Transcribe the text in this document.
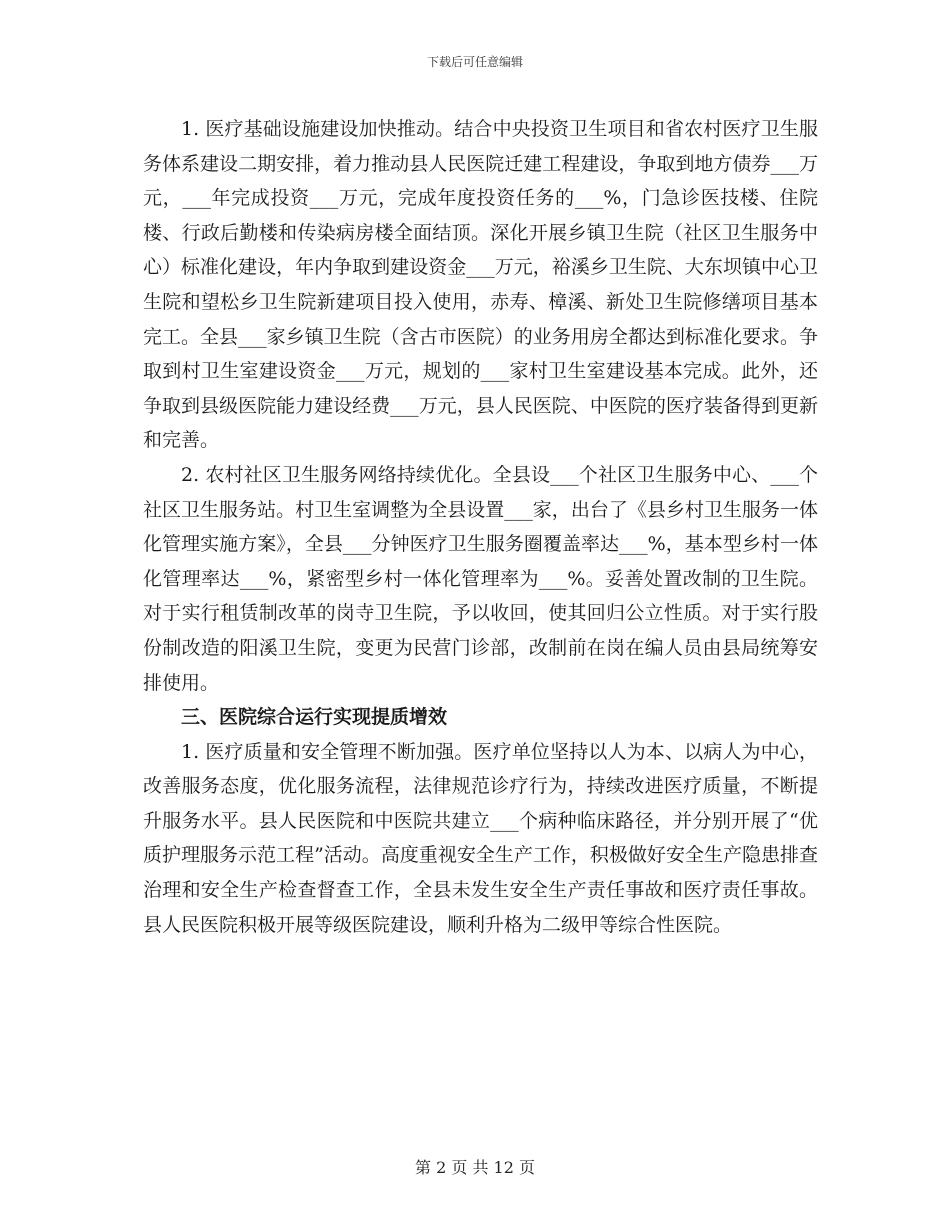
下载后可任意编辑

1. 医疗基础设施建设加快推动。结合中央投资卫生项目和省农村医疗卫生服务体系建设二期安排，着力推动县人民医院迁建工程建设，争取到地方债券___万元，___年完成投资___万元，完成年度投资任务的___%，门急诊医技楼、住院楼、行政后勤楼和传染病房楼全面结顶。深化开展乡镇卫生院（社区卫生服务中心）标准化建设，年内争取到建设资金___万元，裕溪乡卫生院、大东坝镇中心卫生院和望松乡卫生院新建项目投入使用，赤寿、樟溪、新处卫生院修缮项目基本完工。全县___家乡镇卫生院（含古市医院）的业务用房全都达到标准化要求。争取到村卫生室建设资金___万元，规划的___家村卫生室建设基本完成。此外，还争取到县级医院能力建设经费___万元，县人民医院、中医院的医疗装备得到更新和完善。

2. 农村社区卫生服务网络持续优化。全县设___个社区卫生服务中心、___个社区卫生服务站。村卫生室调整为全县设置___家，出台了《县乡村卫生服务一体化管理实施方案》，全县___分钟医疗卫生服务圈覆盖率达___%，基本型乡村一体化管理率达___%，紧密型乡村一体化管理率为___%。妥善处置改制的卫生院。对于实行租赁制改革的岗寺卫生院，予以收回，使其回归公立性质。对于实行股份制改造的阳溪卫生院，变更为民营门诊部，改制前在岗在编人员由县局统筹安排使用。

三、医院综合运行实现提质增效

1. 医疗质量和安全管理不断加强。医疗单位坚持以人为本、以病人为中心，改善服务态度，优化服务流程，法律规范诊疗行为，持续改进医疗质量，不断提升服务水平。县人民医院和中医院共建立___个病种临床路径，并分别开展了“优质护理服务示范工程”活动。高度重视安全生产工作，积极做好安全生产隐患排查治理和安全生产检查督查工作，全县未发生安全生产责任事故和医疗责任事故。县人民医院积极开展等级医院建设，顺利升格为二级甲等综合性医院。

第 2 页 共 12 页
